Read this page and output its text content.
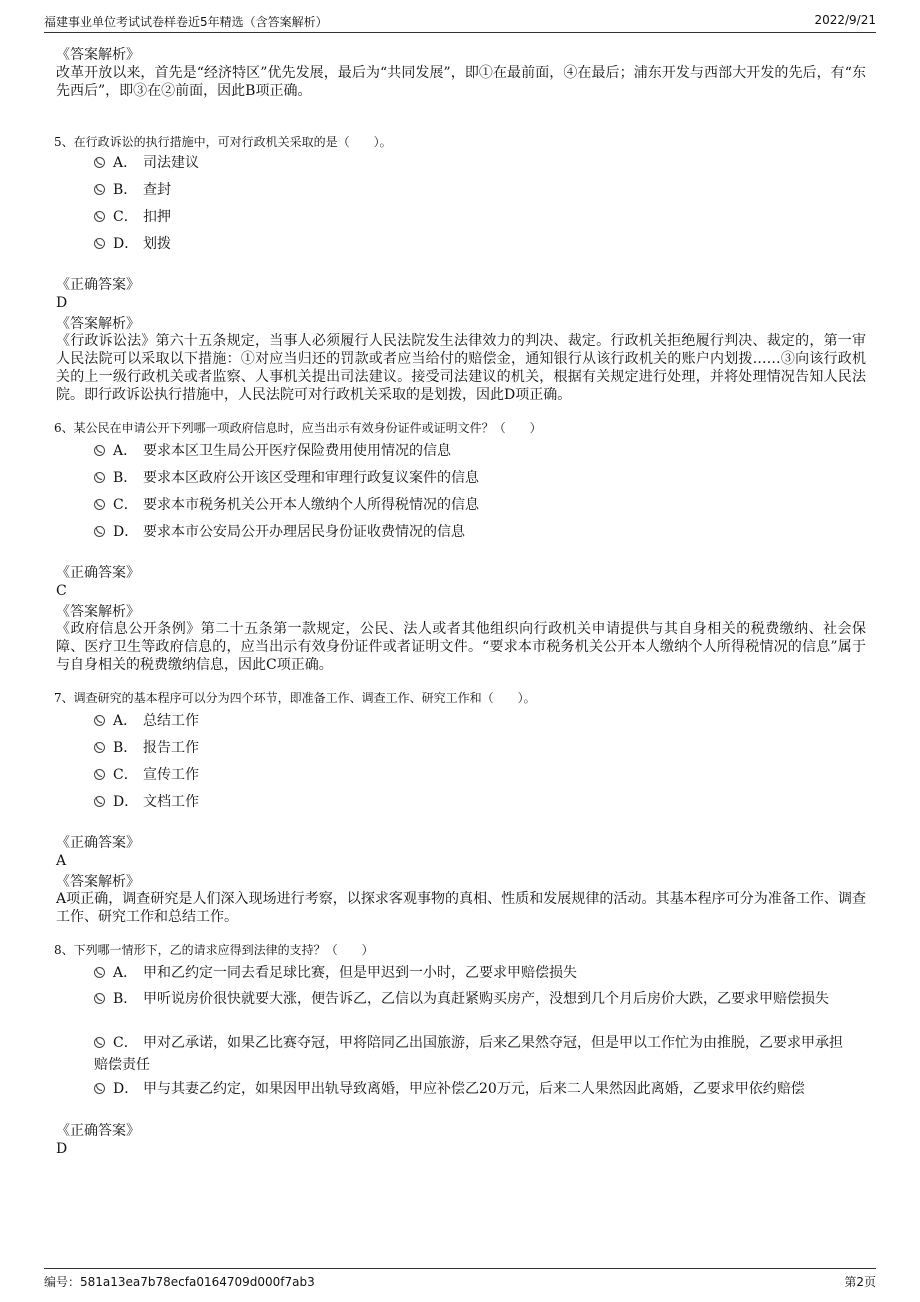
福建事业单位考试试卷样卷近5年精选（含答案解析）	2022/9/21
《答案解析》
改革开放以来，首先是“经济特区”优先发展，最后为“共同发展”，即①在最前面，④在最后；浦东开发与西部大开发的先后，有“东先西后”，即③在②前面，因此B项正确。
5、在行政诉讼的执行措施中，可对行政机关采取的是（　　）。
A． 司法建议
B． 查封
C． 扣押
D． 划拨
《正确答案》
D
《答案解析》
《行政诉讼法》第六十五条规定，当事人必须履行人民法院发生法律效力的判决、裁定。行政机关拒绝履行判决、裁定的，第一审人民法院可以采取以下措施：①对应当归还的罚款或者应当给付的赔偿金，通知银行从该行政机关的账户内划拨……③向该行政机关的上一级行政机关或者监察、人事机关提出司法建议。接受司法建议的机关，根据有关规定进行处理，并将处理情况告知人民法院。即行政诉讼执行措施中，人民法院可对行政机关采取的是划拨，因此D项正确。
6、某公民在申请公开下列哪一项政府信息时，应当出示有效身份证件或证明文件？（　　）
A． 要求本区卫生局公开医疗保险费用使用情况的信息
B． 要求本区政府公开该区受理和审理行政复议案件的信息
C． 要求本市税务机关公开本人缴纳个人所得税情况的信息
D． 要求本市公安局公开办理居民身份证收费情况的信息
《正确答案》
C
《答案解析》
《政府信息公开条例》第二十五条第一款规定，公民、法人或者其他组织向行政机关申请提供与其自身相关的税费缴纳、社会保障、医疗卫生等政府信息的，应当出示有效身份证件或者证明文件。“要求本市税务机关公开本人缴纳个人所得税情况的信息”属于与自身相关的税费缴纳信息，因此C项正确。
7、调查研究的基本程序可以分为四个环节，即准备工作、调查工作、研究工作和（　　）。
A． 总结工作
B． 报告工作
C． 宣传工作
D． 文档工作
《正确答案》
A
《答案解析》
A项正确，调查研究是人们深入现场进行考察，以探求客观事物的真相、性质和发展规律的活动。其基本程序可分为准备工作、调查工作、研究工作和总结工作。
8、下列哪一情形下，乙的请求应得到法律的支持？（　　）
A． 甲和乙约定一同去看足球比赛，但是甲迟到一小时，乙要求甲赔偿损失
B． 甲听说房价很快就要大涨，便告诉乙，乙信以为真赶紧购买房产，没想到几个月后房价大跌，乙要求甲赔偿损失
C． 甲对乙承诺，如果乙比赛夺冠，甲将陪同乙出国旅游，后来乙果然夺冠，但是甲以工作忙为由推脱，乙要求甲承担赔偿责任
D． 甲与其妻乙约定，如果因甲出轨导致离婚，甲应补偿乙20万元，后来二人果然因此离婚，乙要求甲依约赔偿
《正确答案》
D
编号：581a13ea7b78ecfa0164709d000f7ab3	第2页
